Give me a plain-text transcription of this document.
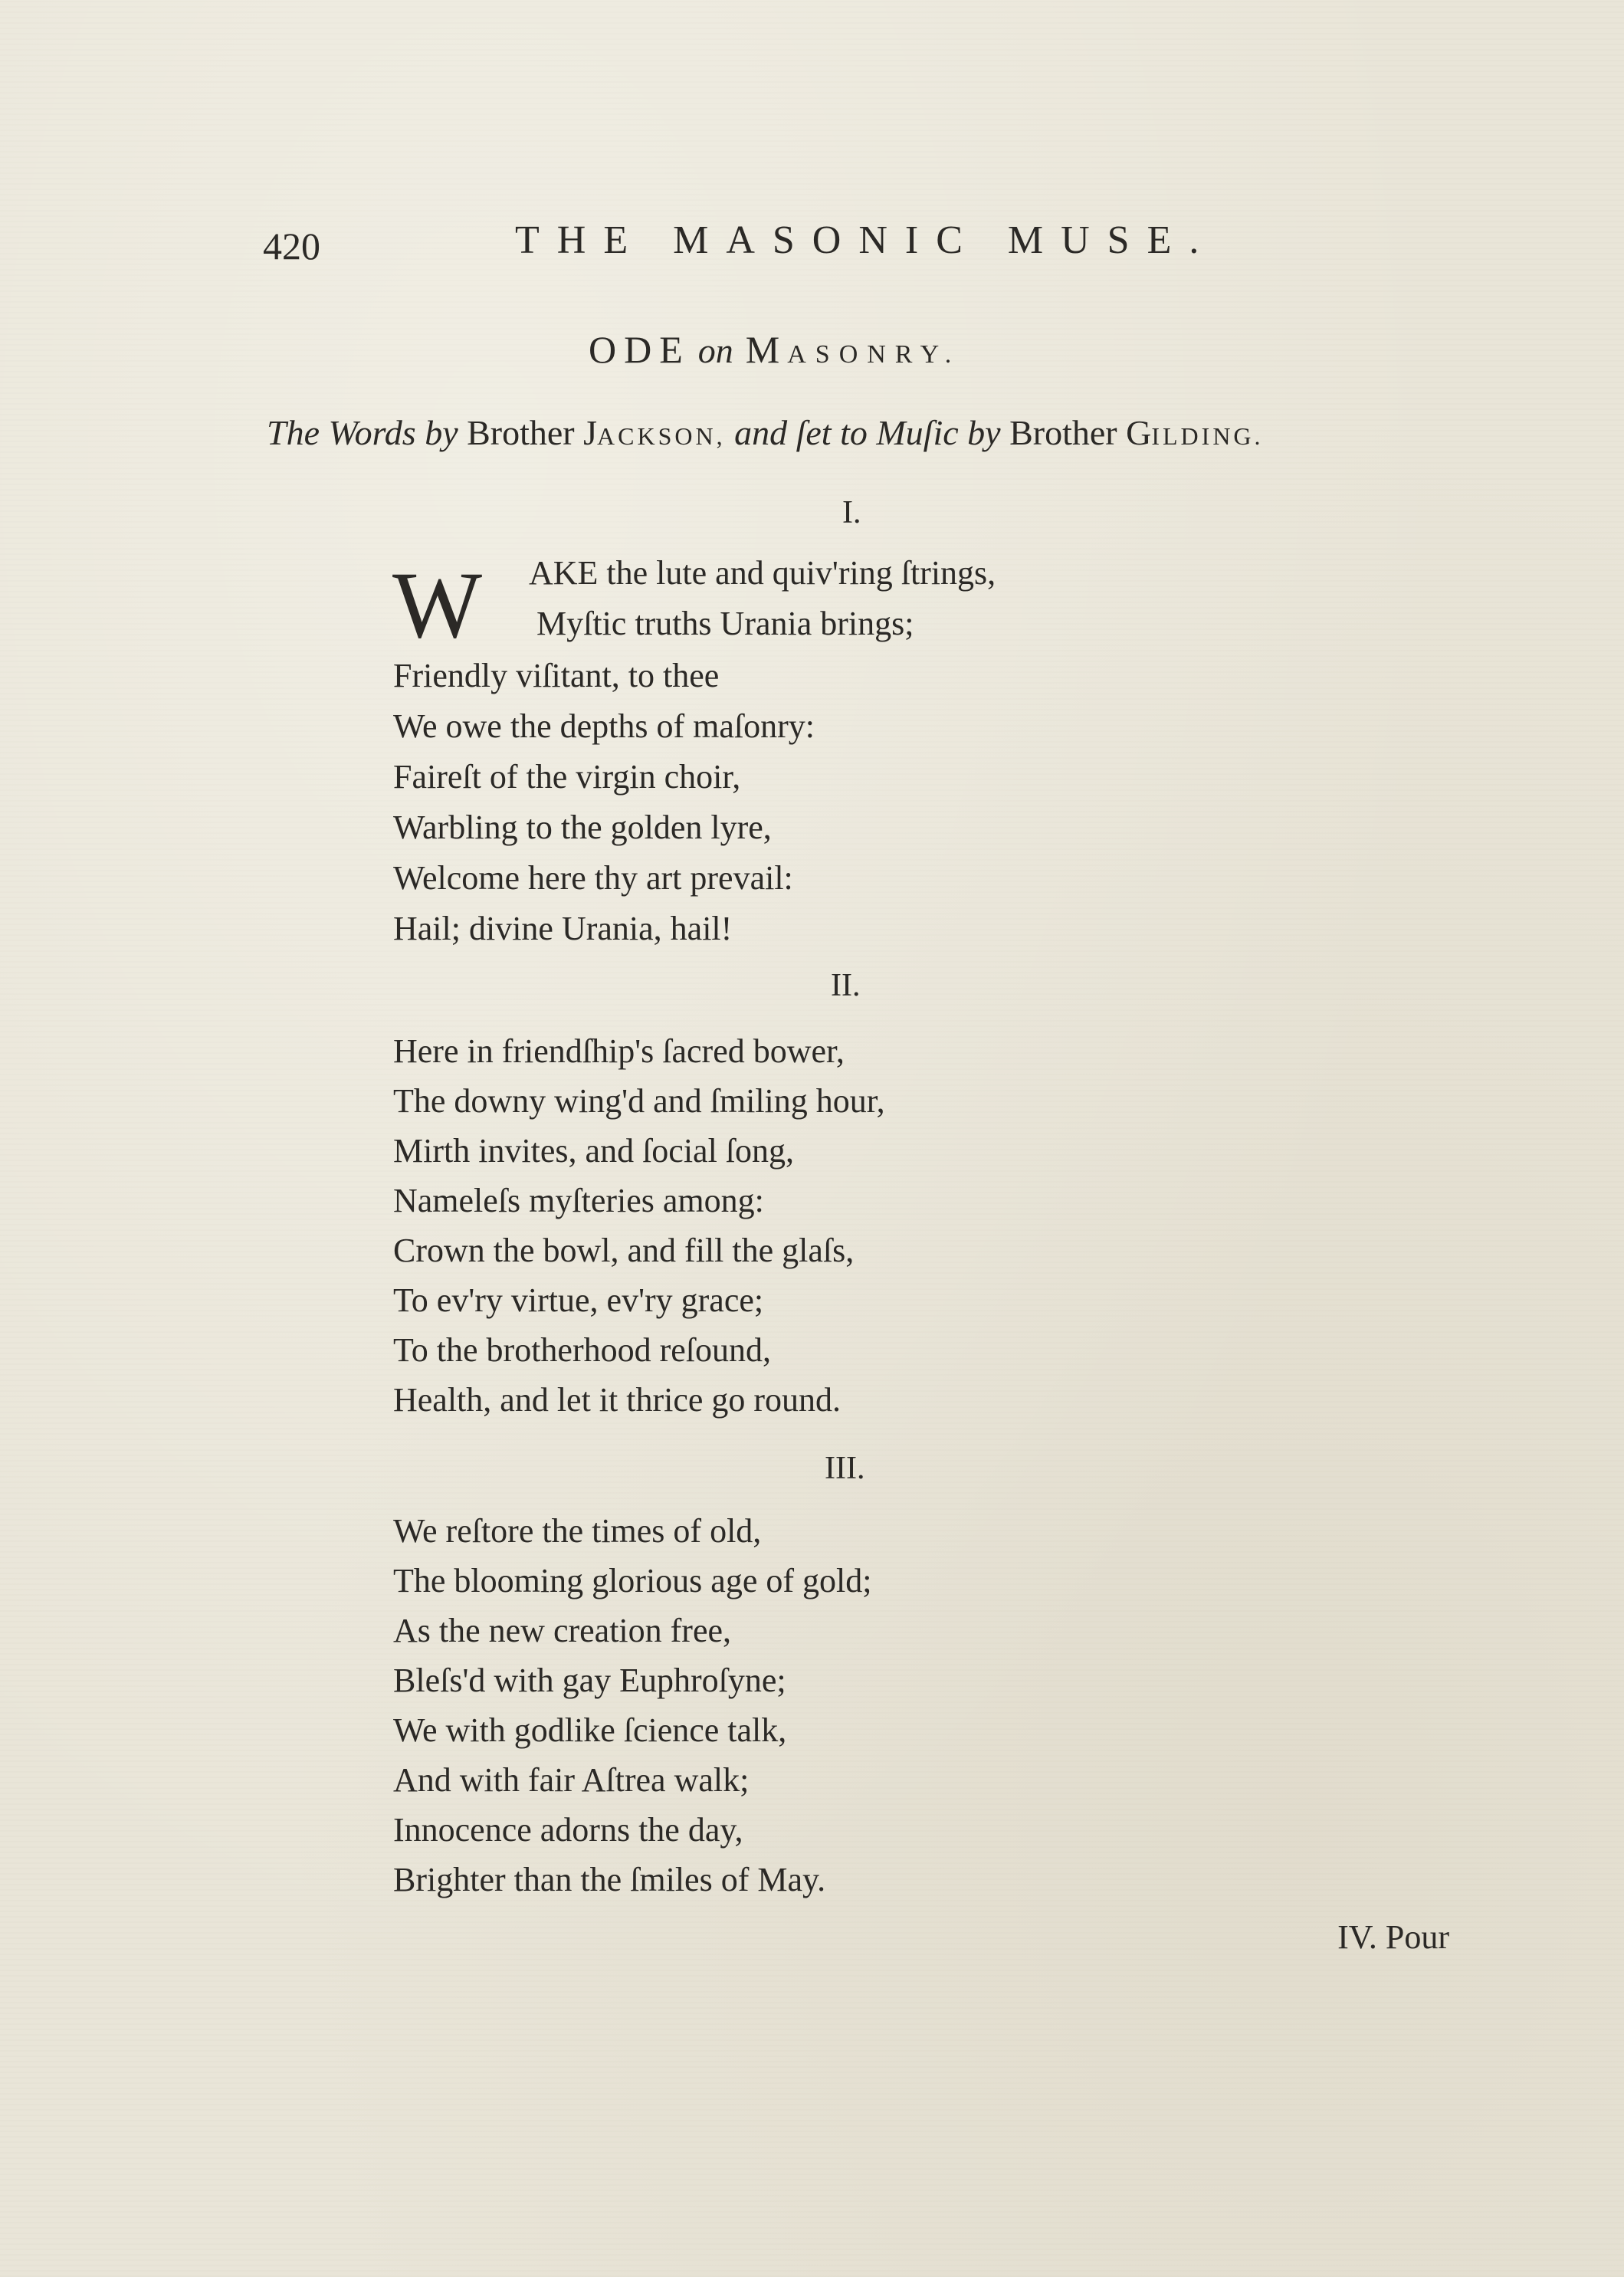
420	THE MASONIC MUSE.
ODE on MASONRY.
The Words by Brother JACKSON, and ſet to Muſic by Brother GILDING.
I.
W AKE the lute and quiv'ring ſtrings,
Myſtic truths Urania brings;
Friendly viſitant, to thee
We owe the depths of maſonry:
Faireſt of the virgin choir,
Warbling to the golden lyre,
Welcome here thy art prevail:
Hail; divine Urania, hail!
II.
Here in friendſhip's ſacred bower,
The downy wing'd and ſmiling hour,
Mirth invites, and ſocial ſong,
Nameleſs myſteries among:
Crown the bowl, and fill the glaſs,
To ev'ry virtue, ev'ry grace;
To the brotherhood reſound,
Health, and let it thrice go round.
III.
We reſtore the times of old,
The blooming glorious age of gold;
As the new creation free,
Bleſs'd with gay Euphroſyne;
We with godlike ſcience talk,
And with fair Aſtrea walk;
Innocence adorns the day,
Brighter than the ſmiles of May.
IV. Pour
